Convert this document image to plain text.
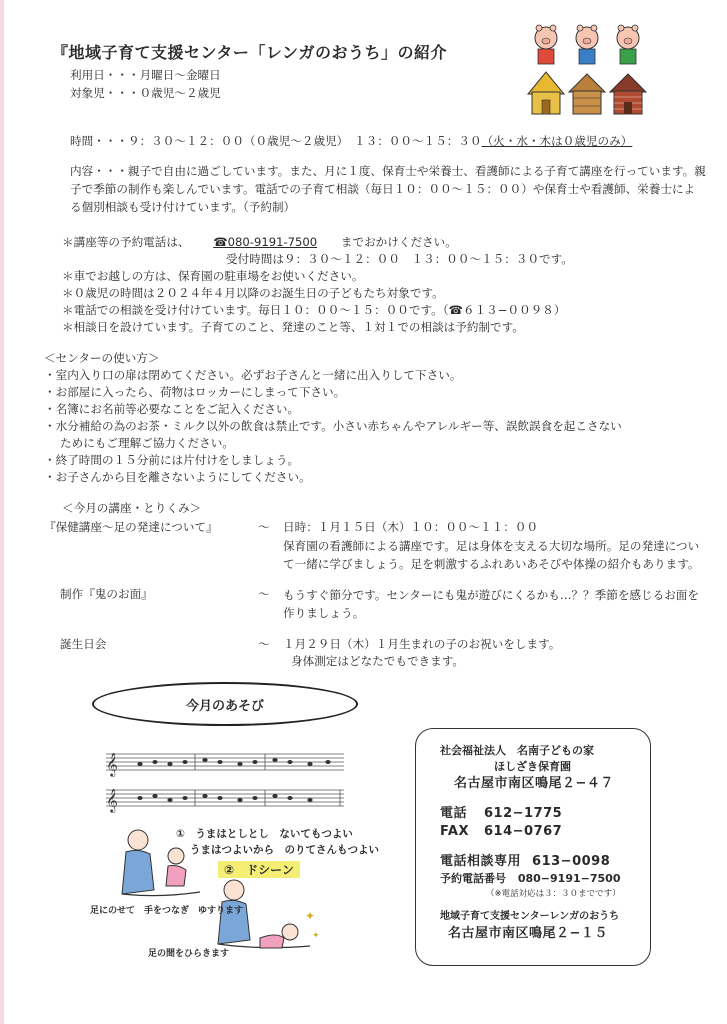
『地域子育て支援センター「レンガのおうち」の紹介
利用日・・・月曜日〜金曜日
対象児・・・０歳児〜２歳児
時間・・・９：３０〜１２：００（０歳児〜２歳児）　１３：００〜１５：３０（火・水・木は０歳児のみ）
内容・・・親子で自由に過ごしています。また、月に１度、保育士や栄養士、看護師による子育て講座を行っています。親子で季節の制作も楽しんでいます。電話での子育て相談（毎日１０：００〜１５：００）や保育士や看護師、栄養士による個別相談も受け付けています。（予約制）
＊講座等の予約電話は、 ☎080-9191-7500 までおかけください。
受付時間は９：３０〜１２：００　１３：００〜１５：３０です。
＊車でお越しの方は、保育園の駐車場をお使いください。
＊０歳児の時間は２０２４年４月以降のお誕生日の子どもたち対象です。
＊電話での相談を受け付けています。毎日１０：００〜１５：００です。（☎６１３−００９８）
＊相談日を設けています。子育てのこと、発達のこと等、１対１での相談は予約制です。
＜センターの使い方＞
・室内入り口の扉は閉めてください。必ずお子さんと一緒に出入りして下さい。
・お部屋に入ったら、荷物はロッカーにしまって下さい。
・名簿にお名前等必要なことをご記入ください。
・水分補給の為のお茶・ミルク以外の飲食は禁止です。小さい赤ちゃんやアレルギー等、誤飲誤食を起こさない
ためにもご理解ご協力ください。
・終了時間の１５分前には片付けをしましょう。
・お子さんから目を離さないようにしてください。
＜今月の講座・とりくみ＞
『保健講座〜足の発達について』	〜 日時：１月１５日（木）１０：００〜１１：００
保育園の看護師による講座です。足は身体を支える大切な場所。足の発達について一緒に学びましょう。足を刺激するふれあいあそびや体操の紹介もあります。
制作『鬼のお面』	〜 もうすぐ節分です。センターにも鬼が遊びにくるかも…？？季節を感じるお面を作りましょう。
誕生日会	〜 １月２９日（木）１月生まれの子のお祝いをします。
身体測定はどなたでもできます。
今月のあそび
𝄞
𝄞
①　うまはとしとし　ないてもつよい
うまはつよいから　のりてさんもつよい
②　ドシーン
✦
✦
足にのせて　手をつなぎ　ゆすります
足の間をひらきます
社会福祉法人　名南子どもの家
ほしざき保育園
名古屋市南区鳴尾２−４７
電話 612−1775
FAX 614−0767
電話相談専用 613−0098
予約電話番号 080−9191−7500
（※電話対応は３：３０までです）
地域子育て支援センターレンガのおうち
名古屋市南区鳴尾２−１５
